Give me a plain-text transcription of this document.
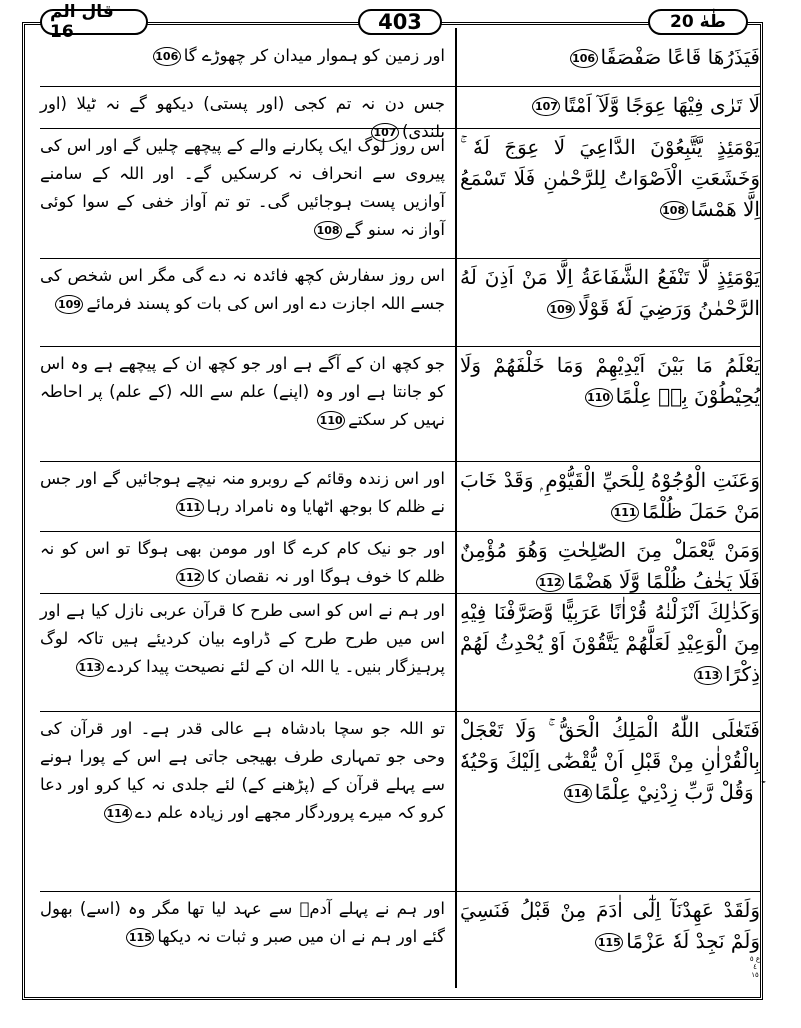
قال الم 16	403	طٰهٰ 20
فَيَذَرُهَا قَاعًا صَفْصَفًا106
اور زمین کو ہموار میدان کر چھوڑے گا106
لَا تَرٰى فِيْهَا عِوَجًا وَّلَآ اَمْتًا107
جس دن نہ تم کجی (اور پستی) دیکھو گے نہ ٹیلا (اور بلندی)107
يَوْمَئِذٍ يَّتَّبِعُوْنَ الدَّاعِيَ لَا عِوَجَ لَهٗ ۚ وَخَشَعَتِ الْاَصْوَاتُ لِلرَّحْمٰنِ فَلَا تَسْمَعُ اِلَّا هَمْسًا108
اس روز لوگ ایک پکارنے والے کے پیچھے چلیں گے اور اس کی پیروی سے انحراف نہ کرسکیں گے۔ اور اللہ کے سامنے آوازیں پست ہوجائیں گی۔ تو تم آواز خفی کے سوا کوئی آواز نہ سنو گے108
يَوْمَئِذٍ لَّا تَنْفَعُ الشَّفَاعَةُ اِلَّا مَنْ اَذِنَ لَهُ الرَّحْمٰنُ وَرَضِيَ لَهٗ قَوْلًا109
اس روز سفارش کچھ فائدہ نہ دے گی مگر اس شخص کی جسے اللہ اجازت دے اور اس کی بات کو پسند فرمائے109
يَعْلَمُ مَا بَيْنَ اَيْدِيْهِمْ وَمَا خَلْفَهُمْ وَلَا يُحِيْطُوْنَ بِهٖ عِلْمًا110
جو کچھ ان کے آگے ہے اور جو کچھ ان کے پیچھے ہے وہ اس کو جانتا ہے اور وہ (اپنے) علم سے اللہ (کے علم) پر احاطہ نہیں کر سکتے110
وَعَنَتِ الْوُجُوْهُ لِلْحَيِّ الْقَيُّوْمِ ۭ وَقَدْ خَابَ مَنْ حَمَلَ ظُلْمًا111
اور اس زندہ وقائم کے روبرو منہ نیچے ہوجائیں گے اور جس نے ظلم کا بوجھ اٹھایا وہ نامراد رہا111
وَمَنْ يَّعْمَلْ مِنَ الصّٰلِحٰتِ وَهُوَ مُؤْمِنٌ فَلَا يَخٰفُ ظُلْمًا وَّلَا هَضْمًا112
اور جو نیک کام کرے گا اور مومن بھی ہوگا تو اس کو نہ ظلم کا خوف ہوگا اور نہ نقصان کا112
وَكَذٰلِكَ اَنْزَلْنٰهُ قُرْاٰنًا عَرَبِيًّا وَّصَرَّفْنَا فِيْهِ مِنَ الْوَعِيْدِ لَعَلَّهُمْ يَتَّقُوْنَ اَوْ يُحْدِثُ لَهُمْ ذِكْرًا113
اور ہم نے اس کو اسی طرح کا قرآن عربی نازل کیا ہے اور اس میں طرح طرح کے ڈراوے بیان کردیئے ہیں تاکہ لوگ پرہیزگار بنیں۔ یا اللہ ان کے لئے نصیحت پیدا کردے113
فَتَعٰلَى اللّٰهُ الْمَلِكُ الْحَقُّ ۚ وَلَا تَعْجَلْ بِالْقُرْاٰنِ مِنْ قَبْلِ اَنْ يُّقْضٰٓى اِلَيْكَ وَحْيُهٗ ۡ وَقُلْ رَّبِّ زِدْنِيْ عِلْمًا114
تو اللہ جو سچا بادشاہ ہے عالی قدر ہے۔ اور قرآن کی وحی جو تمہاری طرف بھیجی جاتی ہے اس کے پورا ہونے سے پہلے قرآن کے (پڑھنے کے) لئے جلدی نہ کیا کرو اور دعا کرو کہ میرے پروردگار مجھے اور زیادہ علم دے114
وَلَقَدْ عَهِدْنَآ اِلٰٓى اٰدَمَ مِنْ قَبْلُ فَنَسِيَ وَلَمْ نَجِدْ لَهٗ عَزْمًا115
اور ہم نے پہلے آدمؑ سے عہد لیا تھا مگر وہ (اسے) بھول گئے اور ہم نے ان میں صبر و ثبات نہ دیکھا115
ع ٥ ٤ ١٥
